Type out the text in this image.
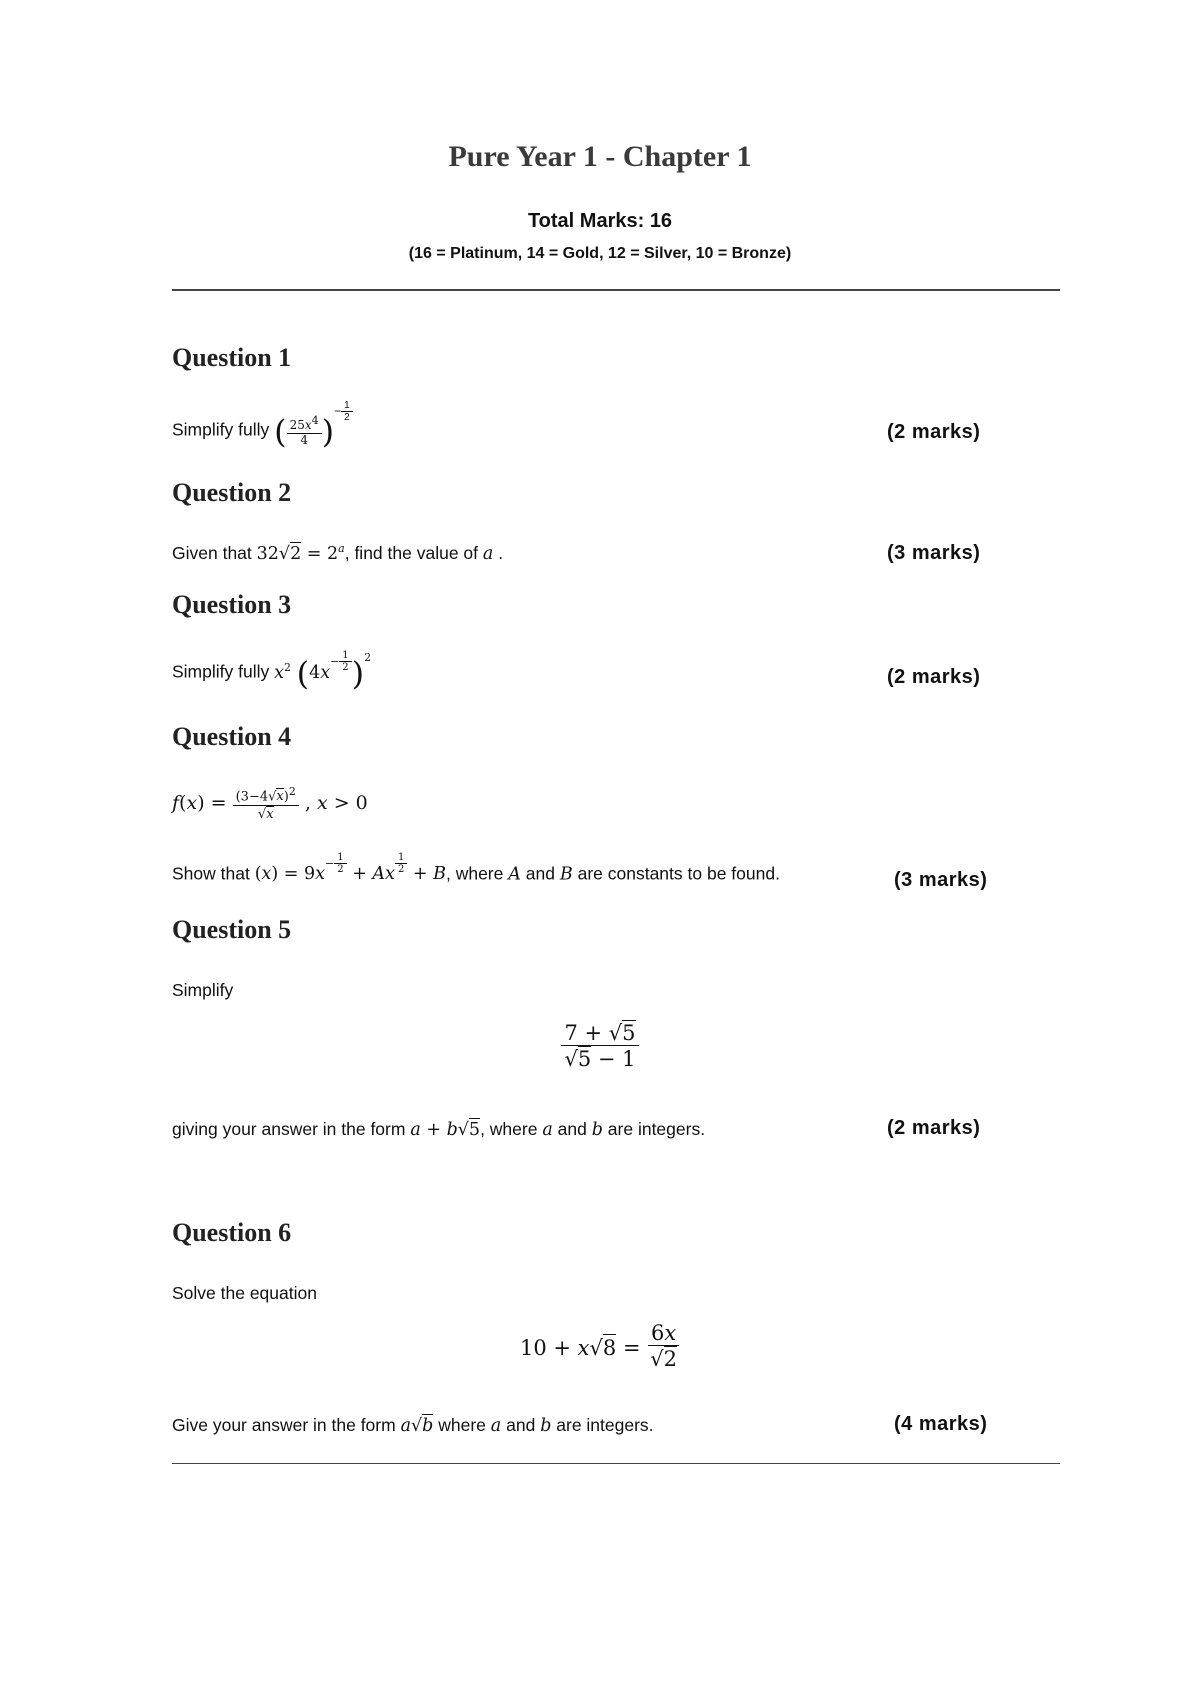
Pure Year 1 - Chapter 1
Total Marks: 16
(16 = Platinum, 14 = Gold, 12 = Silver, 10 = Bronze)
Question 1
Simplify fully ( $\frac{25x4}{4} )^{- \frac{1}{2}}$
(2 marks)
Question 2
Given that $32√2 = 2^a$, find the value of a .	(3 marks)
Question 3
Simplify fully $x^2$ ($4x^{- \frac{1}{2}}$ )$^2$
(2 marks)
Question 4
$f(x) = \frac{(3-4√x)^2}{√x}$ , x > 0
Show that $(x) = 9x^{- \frac{1}{2}} + Ax$ $^{\frac{1}{2}}$ + B, where A and B are constants to be found.	(3 marks)
Question 5
Simplify
$\frac{7 + √5}{√5 - 1}$
giving your answer in the form a + b√5, where a and b are integers.	(2 marks)
Question 6
Solve the equation
$10 + x√8 = \frac{6x}{√2}$
Give your answer in the form a√b where a and b are integers.	(4 marks)
